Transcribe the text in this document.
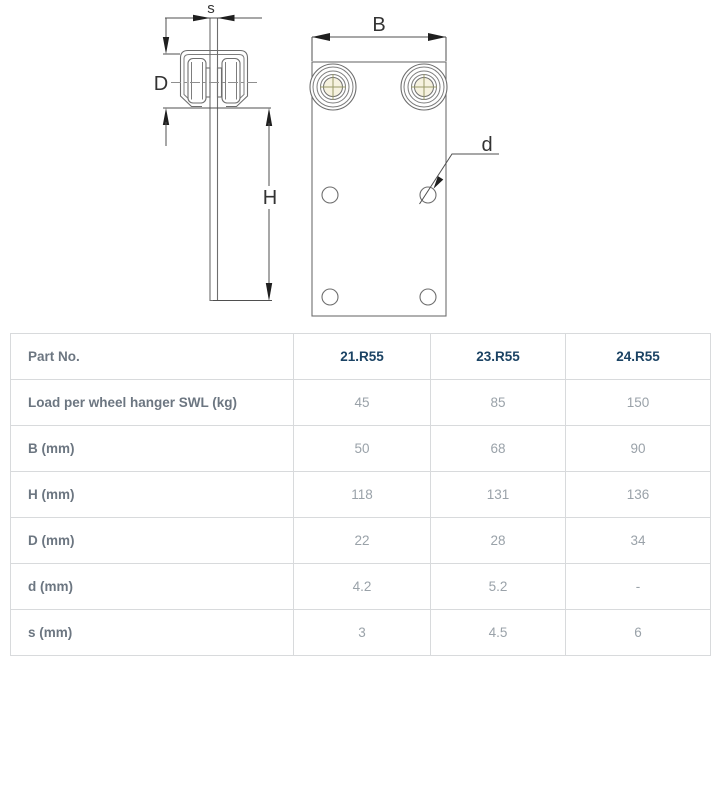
s
D
H
B
d
Part No.	21.R55	23.R55	24.R55
Load per wheel hanger SWL (kg)	45	85	150
B (mm)	50	68	90
H (mm)	118	131	136
D (mm)	22	28	34
d (mm)	4.2	5.2	-
s (mm)	3	4.5	6
